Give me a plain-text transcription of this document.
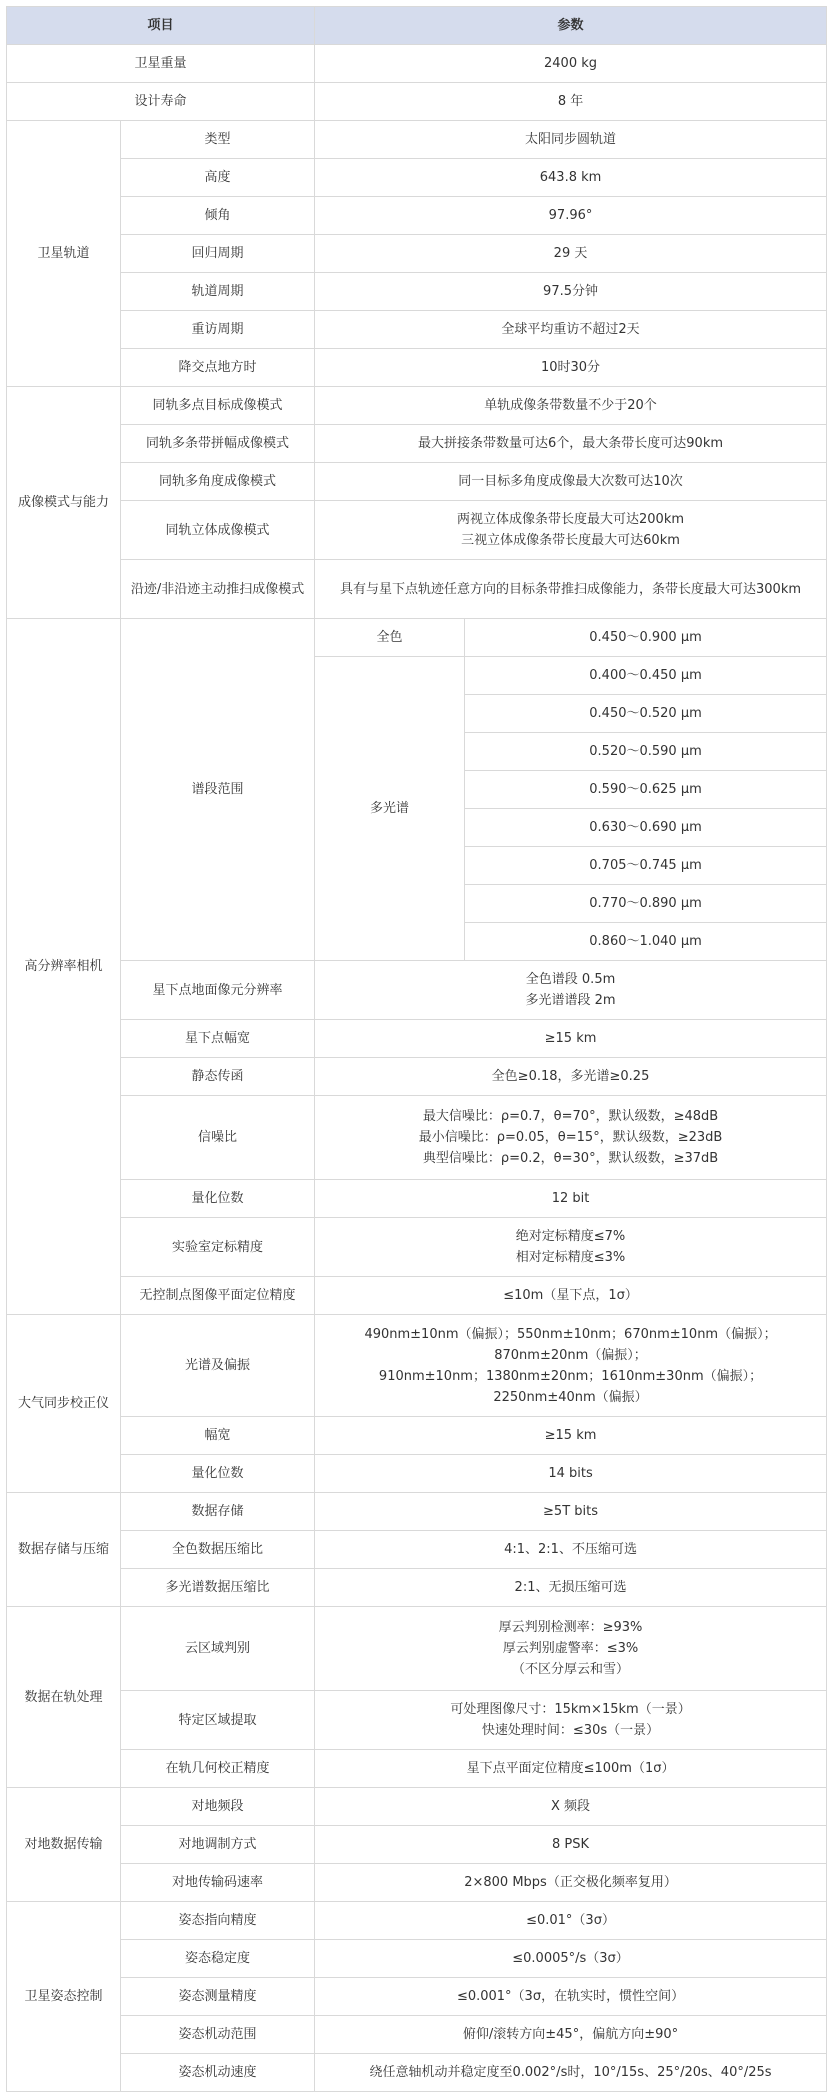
项目		参数	
卫星重量		2400 kg	
设计寿命		8 年	
卫星轨道	类型	太阳同步圆轨道	
	高度	643.8 km	
	倾角	97.96°	
	回归周期	29 天	
	轨道周期	97.5分钟	
	重访周期	全球平均重访不超过2天	
	降交点地方时	10时30分	
成像模式与能力	同轨多点目标成像模式	单轨成像条带数量不少于20个	
	同轨多条带拼幅成像模式	最大拼接条带数量可达6个，最大条带长度可达90km	
	同轨多角度成像模式	同一目标多角度成像最大次数可达10次	
	同轨立体成像模式	两视立体成像条带长度最大可达200km
三视立体成像条带长度最大可达60km	

	沿迹/非沿迹主动推扫成像模式	具有与星下点轨迹任意方向的目标条带推扫成像能力，条带长度最大可达300km	
高分辨率相机	谱段范围	全色	0.450～0.900 μm
		多光谱	0.400～0.450 μm
			0.450～0.520 μm
			0.520～0.590 μm
			0.590～0.625 μm
			0.630～0.690 μm
			0.705～0.745 μm
			0.770～0.890 μm
			0.860～1.040 μm
	星下点地面像元分辨率	全色谱段 0.5m
多光谱谱段 2m	

	星下点幅宽	≥15 km	
	静态传函	全色≥0.18，多光谱≥0.25	
	信噪比	最大信噪比：ρ=0.7，θ=70°，默认级数，≥48dB
最小信噪比：ρ=0.05，θ=15°，默认级数，≥23dB
典型信噪比：ρ=0.2，θ=30°，默认级数，≥37dB	

	量化位数	12 bit	
	实验室定标精度	绝对定标精度≤7%
相对定标精度≤3%	

	无控制点图像平面定位精度	≤10m（星下点，1σ）	
大气同步校正仪	光谱及偏振	490nm±10nm（偏振）；550nm±10nm；670nm±10nm（偏振）；
870nm±20nm（偏振）；
910nm±10nm；1380nm±20nm；1610nm±30nm（偏振）；
2250nm±40nm（偏振）	

	幅宽	≥15 km	
	量化位数	14 bits	
数据存储与压缩	数据存储	≥5T bits	
	全色数据压缩比	4:1、2:1、不压缩可选	
	多光谱数据压缩比	2:1、无损压缩可选	
数据在轨处理	云区域判别	厚云判别检测率：≥93%
厚云判别虚警率：≤3%
（不区分厚云和雪）	

	特定区域提取	可处理图像尺寸：15km×15km（一景）
快速处理时间：≤30s（一景）	

	在轨几何校正精度	星下点平面定位精度≤100m（1σ）	
对地数据传输	对地频段	X 频段	
	对地调制方式	8 PSK	
	对地传输码速率	2×800 Mbps（正交极化频率复用）	
卫星姿态控制	姿态指向精度	≤0.01°（3σ）	
	姿态稳定度	≤0.0005°/s（3σ）	
	姿态测量精度	≤0.001°（3σ，在轨实时，惯性空间）	
	姿态机动范围	俯仰/滚转方向±45°，偏航方向±90°	
	姿态机动速度	绕任意轴机动并稳定度至0.002°/s时，10°/15s、25°/20s、40°/25s	
